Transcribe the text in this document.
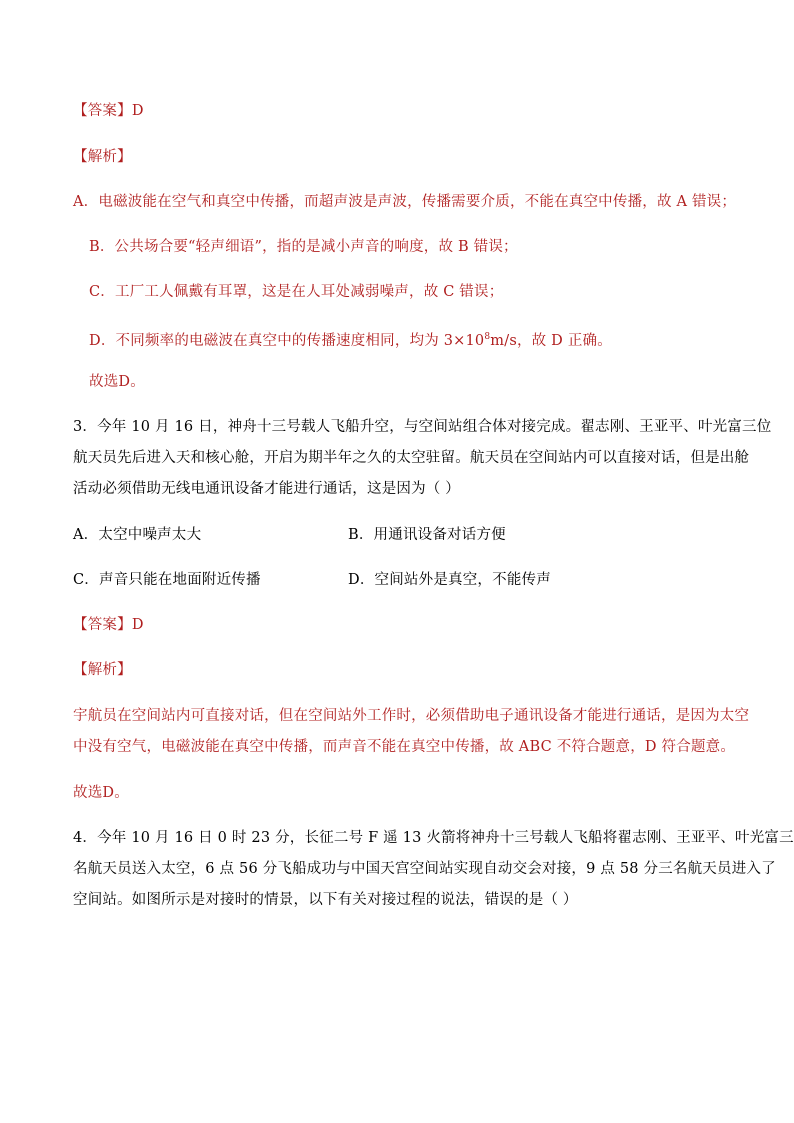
【答案】D
【解析】
A．电磁波能在空气和真空中传播，而超声波是声波，传播需要介质，不能在真空中传播，故 A 错误；
B．公共场合要“轻声细语”，指的是减小声音的响度，故 B 错误；
C．工厂工人佩戴有耳罩，这是在人耳处减弱噪声，故 C 错误；
D．不同频率的电磁波在真空中的传播速度相同，均为 $3\times 10^8m/s$，故 D 正确。
故选D。
3．今年 10 月 16 日，神舟十三号载人飞船升空，与空间站组合体对接完成。翟志刚、王亚平、叶光富三位
航天员先后进入天和核心舱，开启为期半年之久的太空驻留。航天员在空间站内可以直接对话，但是出舱
活动必须借助无线电通讯设备才能进行通话，这是因为（ ）
A．太空中噪声太大	B．用通讯设备对话方便
C．声音只能在地面附近传播	D．空间站外是真空，不能传声
【答案】D
【解析】
宇航员在空间站内可直接对话，但在空间站外工作时，必须借助电子通讯设备才能进行通话，是因为太空
中没有空气，电磁波能在真空中传播，而声音不能在真空中传播，故 ABC 不符合题意，D 符合题意。
故选D。
4．今年 10 月 16 日 0 时 23 分，长征二号 F 遥 13 火箭将神舟十三号载人飞船将翟志刚、王亚平、叶光富三
名航天员送入太空，6 点 56 分飞船成功与中国天宫空间站实现自动交会对接，9 点 58 分三名航天员进入了
空间站。如图所示是对接时的情景，以下有关对接过程的说法，错误的是（ ）
